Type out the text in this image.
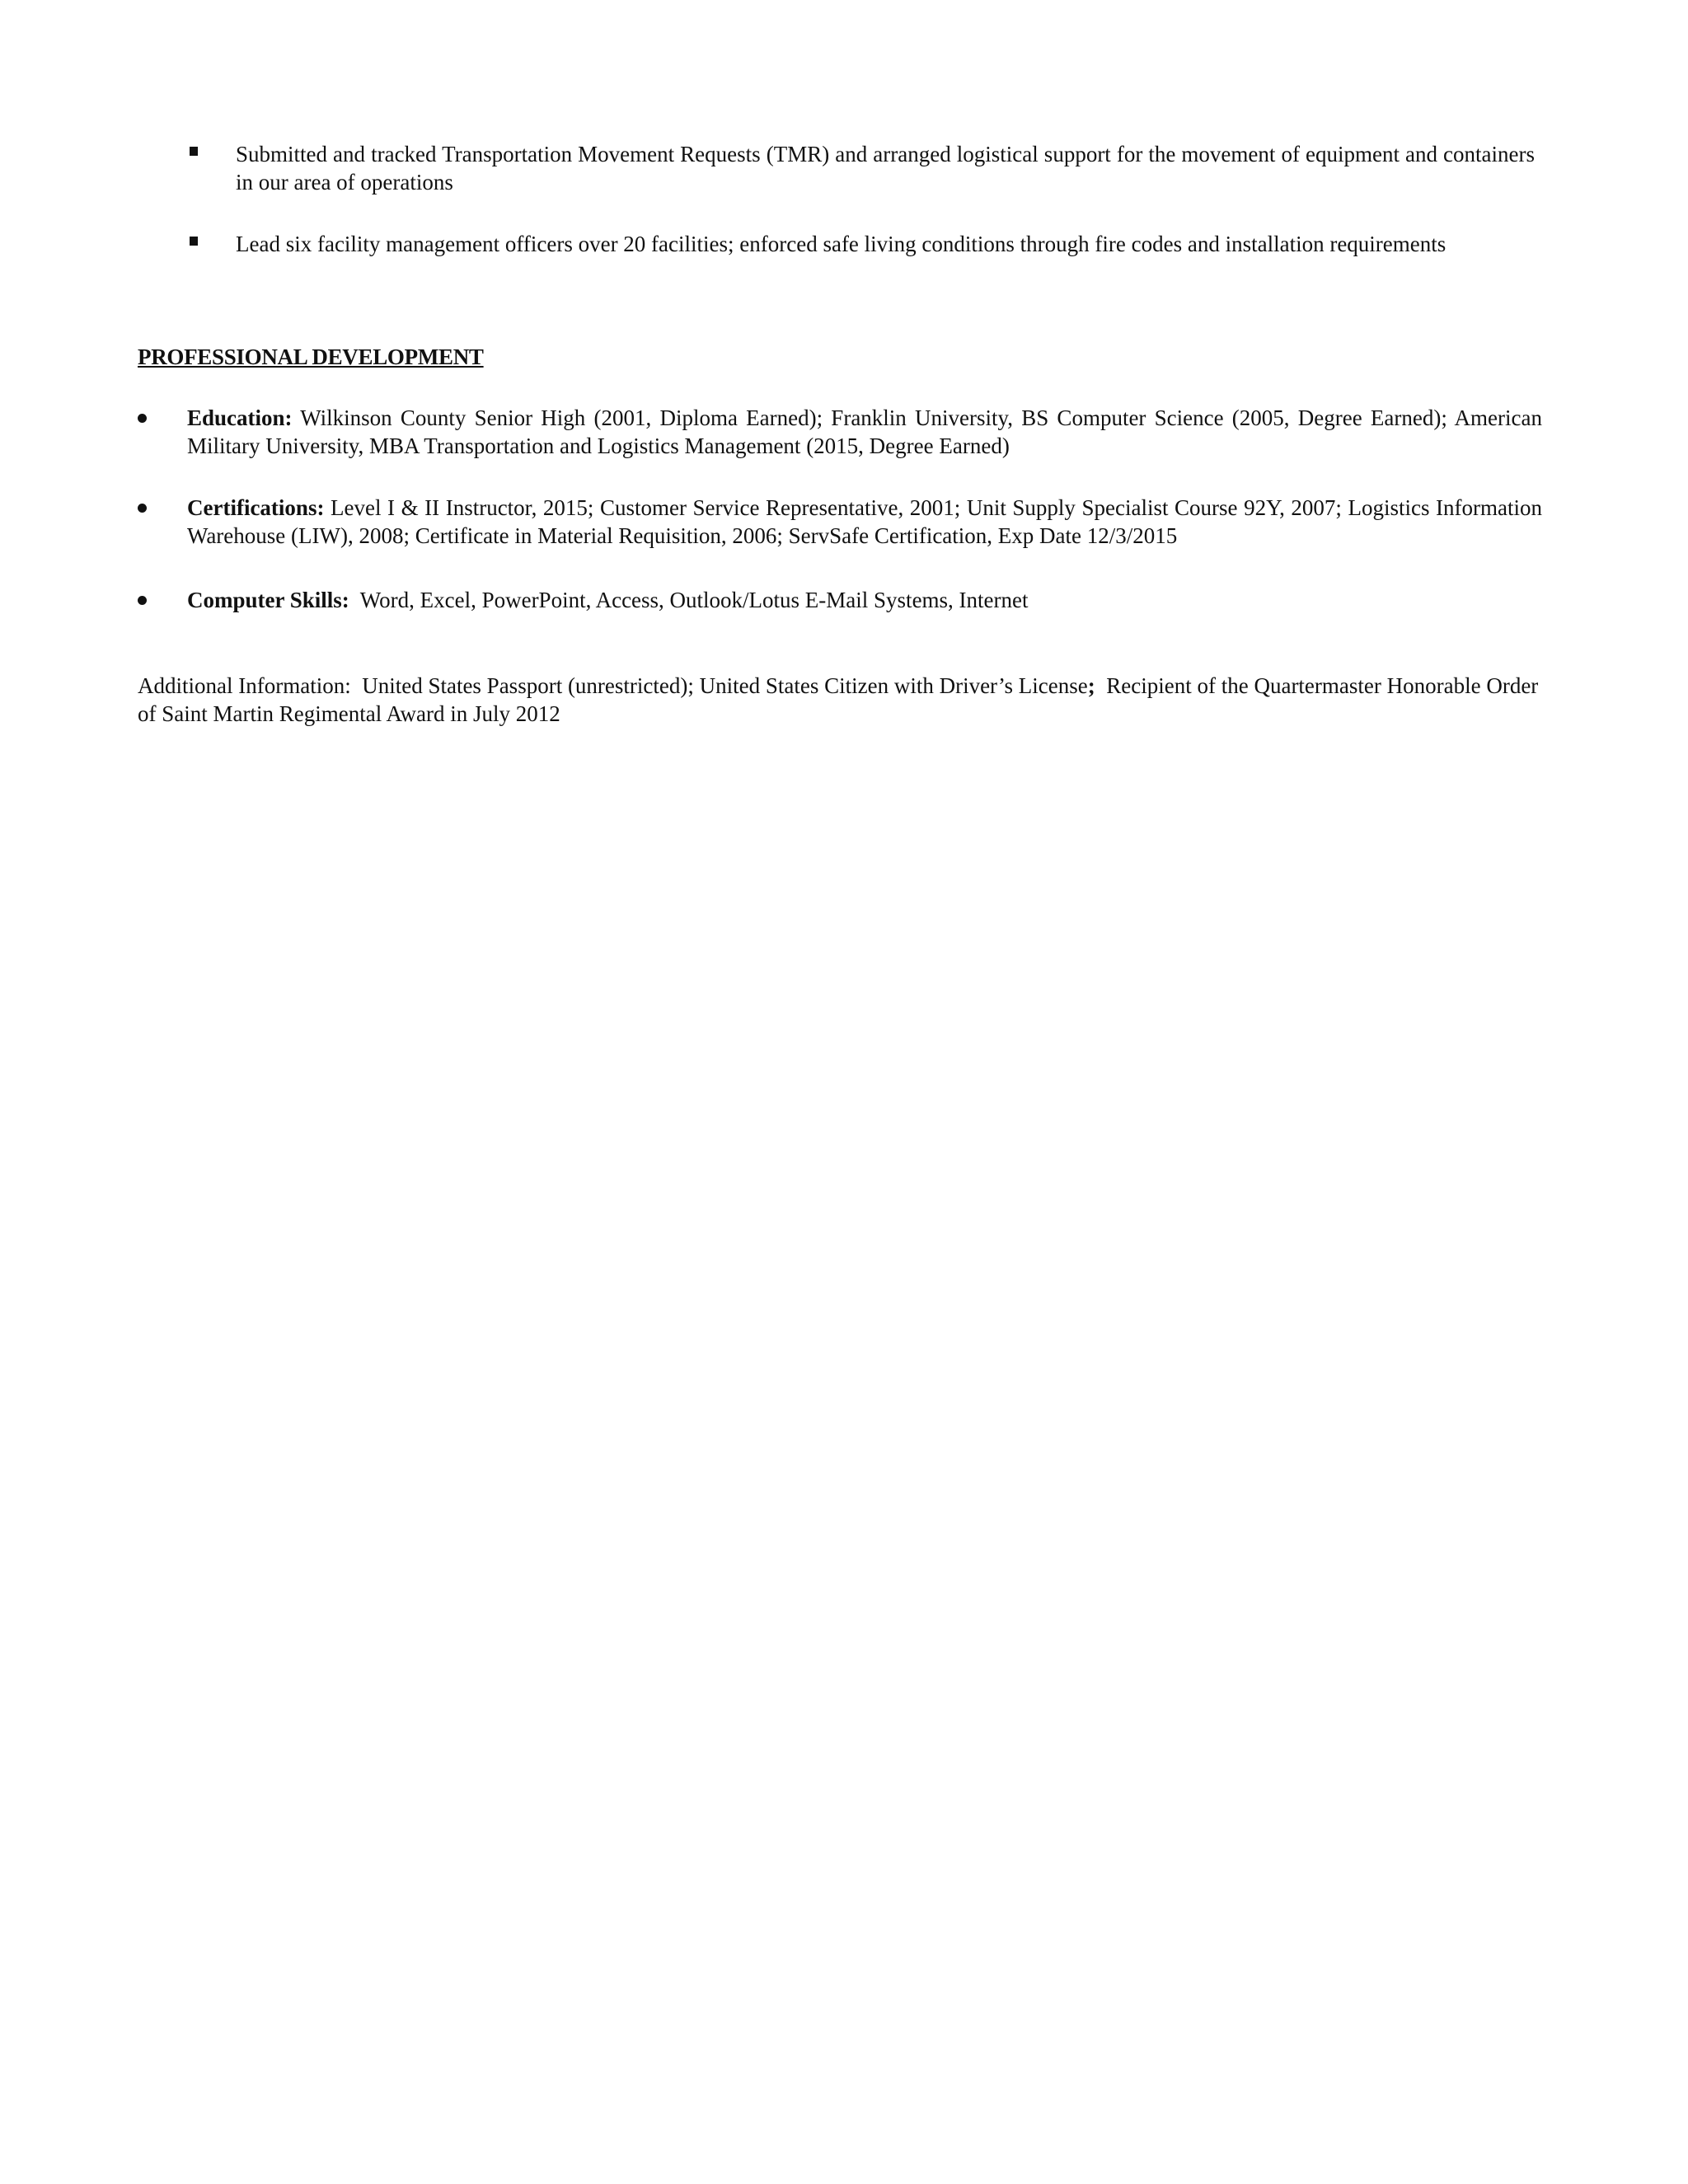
Submitted and tracked Transportation Movement Requests (TMR) and arranged logistical support for the movement of equipment and containers in our area of operations
Lead six facility management officers over 20 facilities; enforced safe living conditions through fire codes and installation requirements
PROFESSIONAL DEVELOPMENT
Education: Wilkinson County Senior High (2001, Diploma Earned); Franklin University, BS Computer Science (2005, Degree Earned); American Military University, MBA Transportation and Logistics Management (2015, Degree Earned)
Certifications: Level I & II Instructor, 2015; Customer Service Representative, 2001; Unit Supply Specialist Course 92Y, 2007; Logistics Information Warehouse (LIW), 2008; Certificate in Material Requisition, 2006; ServSafe Certification, Exp Date 12/3/2015
Computer Skills: Word, Excel, PowerPoint, Access, Outlook/Lotus E-Mail Systems, Internet

Additional Information: United States Passport (unrestricted); United States Citizen with Driver’s License; Recipient of the Quartermaster Honorable Order of Saint Martin Regimental Award in July 2012
